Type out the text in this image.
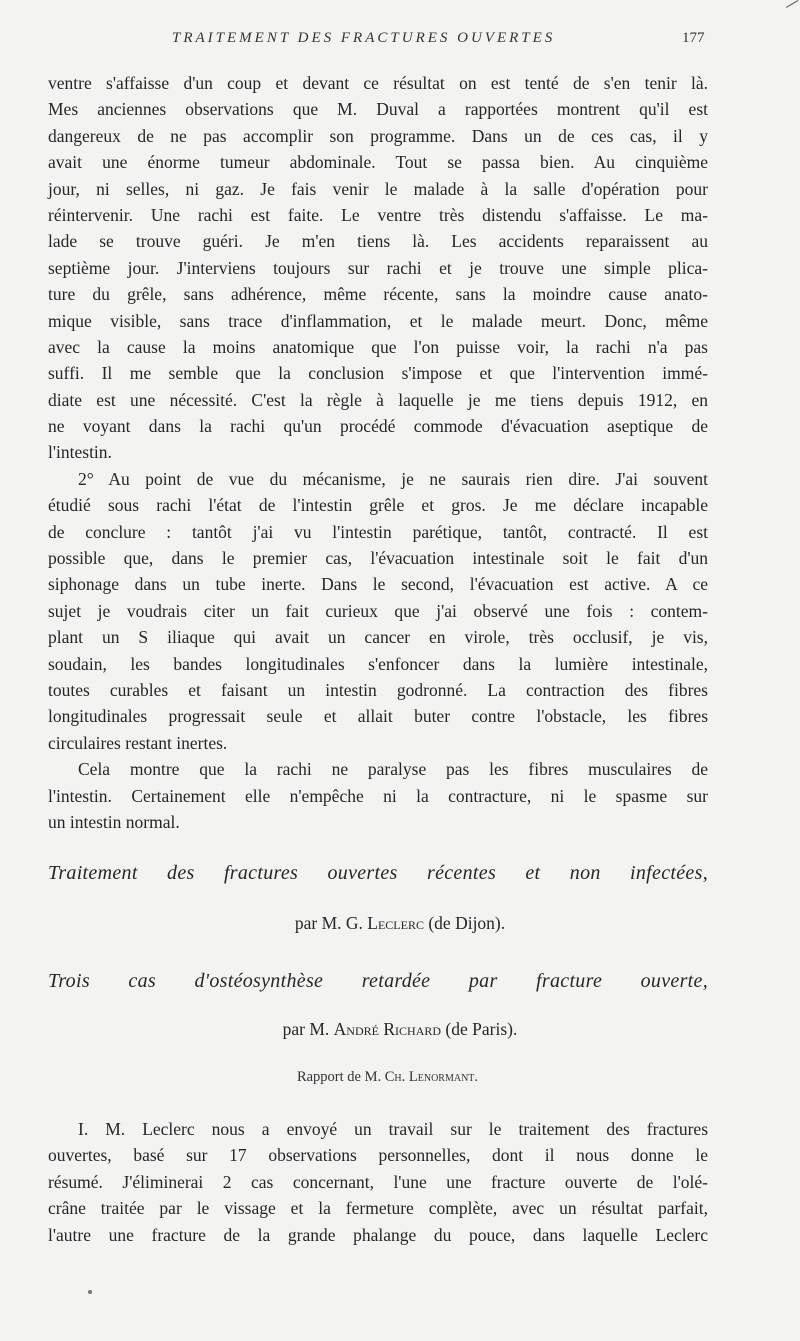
TRAITEMENT DES FRACTURES OUVERTES	177
ventre s'affaisse d'un coup et devant ce résultat on est tenté de s'en tenir là.
Mes anciennes observations que M. Duval a rapportées montrent qu'il est
dangereux de ne pas accomplir son programme. Dans un de ces cas, il y
avait une énorme tumeur abdominale. Tout se passa bien. Au cinquième
jour, ni selles, ni gaz. Je fais venir le malade à la salle d'opération pour
réintervenir. Une rachi est faite. Le ventre très distendu s'affaisse. Le ma-
lade se trouve guéri. Je m'en tiens là. Les accidents reparaissent au
septième jour. J'interviens toujours sur rachi et je trouve une simple plica-
ture du grêle, sans adhérence, même récente, sans la moindre cause anato-
mique visible, sans trace d'inflammation, et le malade meurt. Donc, même
avec la cause la moins anatomique que l'on puisse voir, la rachi n'a pas
suffi. Il me semble que la conclusion s'impose et que l'intervention immé-
diate est une nécessité. C'est la règle à laquelle je me tiens depuis 1912, en
ne voyant dans la rachi qu'un procédé commode d'évacuation aseptique de
l'intestin.
2° Au point de vue du mécanisme, je ne saurais rien dire. J'ai souvent
étudié sous rachi l'état de l'intestin grêle et gros. Je me déclare incapable
de conclure : tantôt j'ai vu l'intestin parétique, tantôt, contracté. Il est
possible que, dans le premier cas, l'évacuation intestinale soit le fait d'un
siphonage dans un tube inerte. Dans le second, l'évacuation est active. A ce
sujet je voudrais citer un fait curieux que j'ai observé une fois : contem-
plant un S iliaque qui avait un cancer en virole, très occlusif, je vis,
soudain, les bandes longitudinales s'enfoncer dans la lumière intestinale,
toutes curables et faisant un intestin godronné. La contraction des fibres
longitudinales progressait seule et allait buter contre l'obstacle, les fibres
circulaires restant inertes.
Cela montre que la rachi ne paralyse pas les fibres musculaires de
l'intestin. Certainement elle n'empêche ni la contracture, ni le spasme sur
un intestin normal.
Traitement des fractures ouvertes récentes et non infectées,
par M. G. Leclerc (de Dijon).
Trois cas d'ostéosynthèse retardée par fracture ouverte,
par M. André Richard (de Paris).
Rapport de M. Ch. Lenormant.
I. M. Leclerc nous a envoyé un travail sur le traitement des fractures
ouvertes, basé sur 17 observations personnelles, dont il nous donne le
résumé. J'éliminerai 2 cas concernant, l'une une fracture ouverte de l'olé-
crâne traitée par le vissage et la fermeture complète, avec un résultat parfait,
l'autre une fracture de la grande phalange du pouce, dans laquelle Leclerc
